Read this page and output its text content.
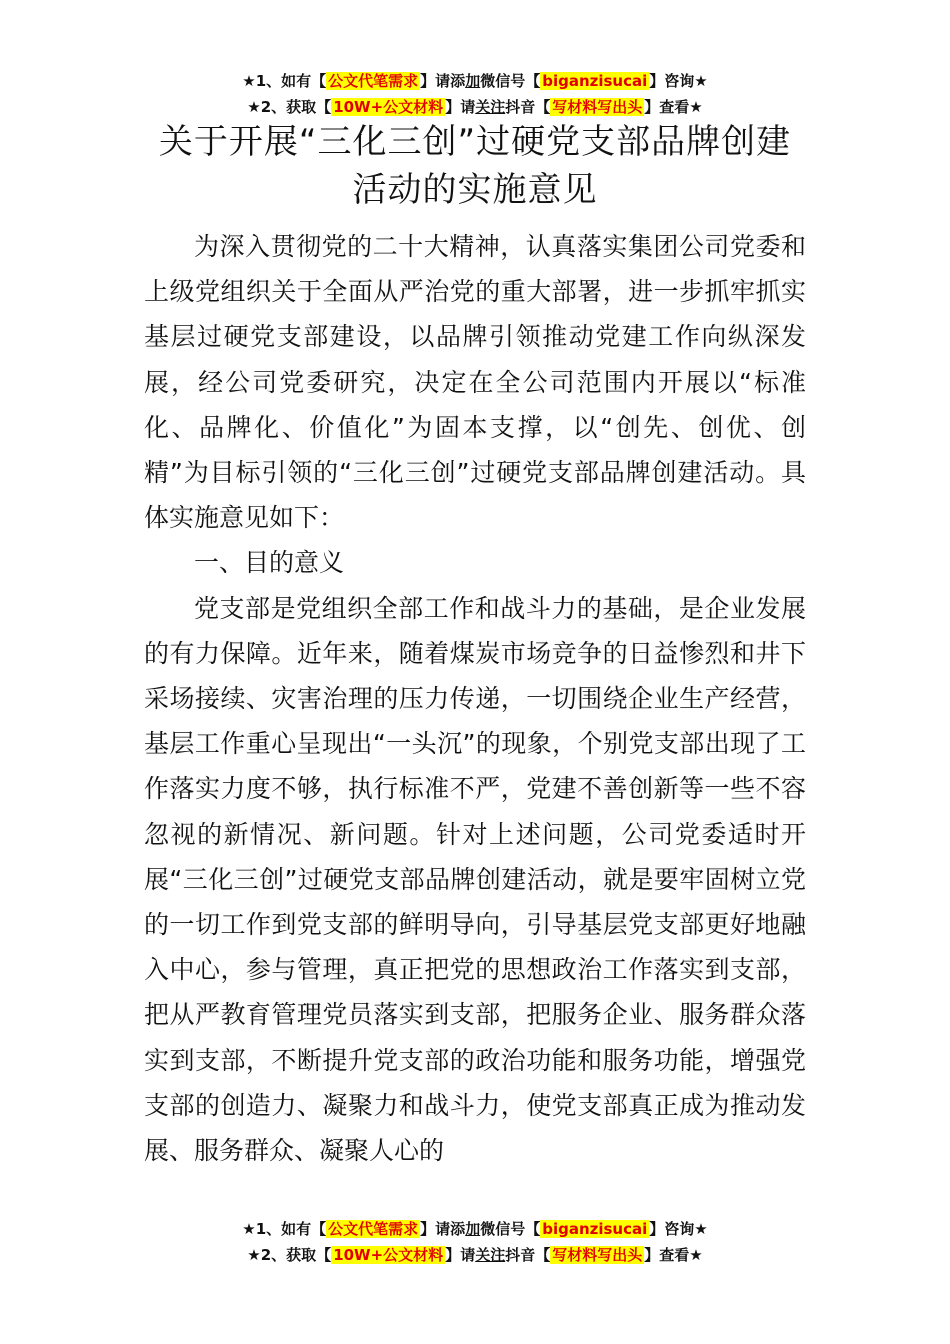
★1、如有【 公文代笔需求 】请添加微信号【 biganzisucai 】咨询★
★2、获取【 10W+公文材料 】请关注抖音【 写材料写出头 】查看★
关于开展“三化三创”过硬党支部品牌创建
活动的实施意见

为深入贯彻党的二十大精神，认真落实集团公司党委和上级党组织关于全面从严治党的重大部署，进一步抓牢抓实基层过硬党支部建设，以品牌引领推动党建工作向纵深发展，经公司党委研究，决定在全公司范围内开展以“标准化、品牌化、价值化”为固本支撑，以“创先、创优、创精”为目标引领的“三化三创”过硬党支部品牌创建活动。具体实施意见如下：

一、目的意义

党支部是党组织全部工作和战斗力的基础，是企业发展的有力保障。近年来，随着煤炭市场竞争的日益惨烈和井下采场接续、灾害治理的压力传递，一切围绕企业生产经营，基层工作重心呈现出“一头沉”的现象，个别党支部出现了工作落实力度不够，执行标准不严，党建不善创新等一些不容忽视的新情况、新问题。针对上述问题，公司党委适时开展“三化三创”过硬党支部品牌创建活动，就是要牢固树立党的一切工作到党支部的鲜明导向，引导基层党支部更好地融入中心，参与管理，真正把党的思想政治工作落实到支部，把从严教育管理党员落实到支部，把服务企业、服务群众落实到支部，不断提升党支部的政治功能和服务功能，增强党支部的创造力、凝聚力和战斗力，使党支部真正成为推动发展、服务群众、凝聚人心的

★1、如有【 公文代笔需求 】请添加微信号【 biganzisucai 】咨询★
★2、获取【 10W+公文材料 】请关注抖音【 写材料写出头 】查看★
